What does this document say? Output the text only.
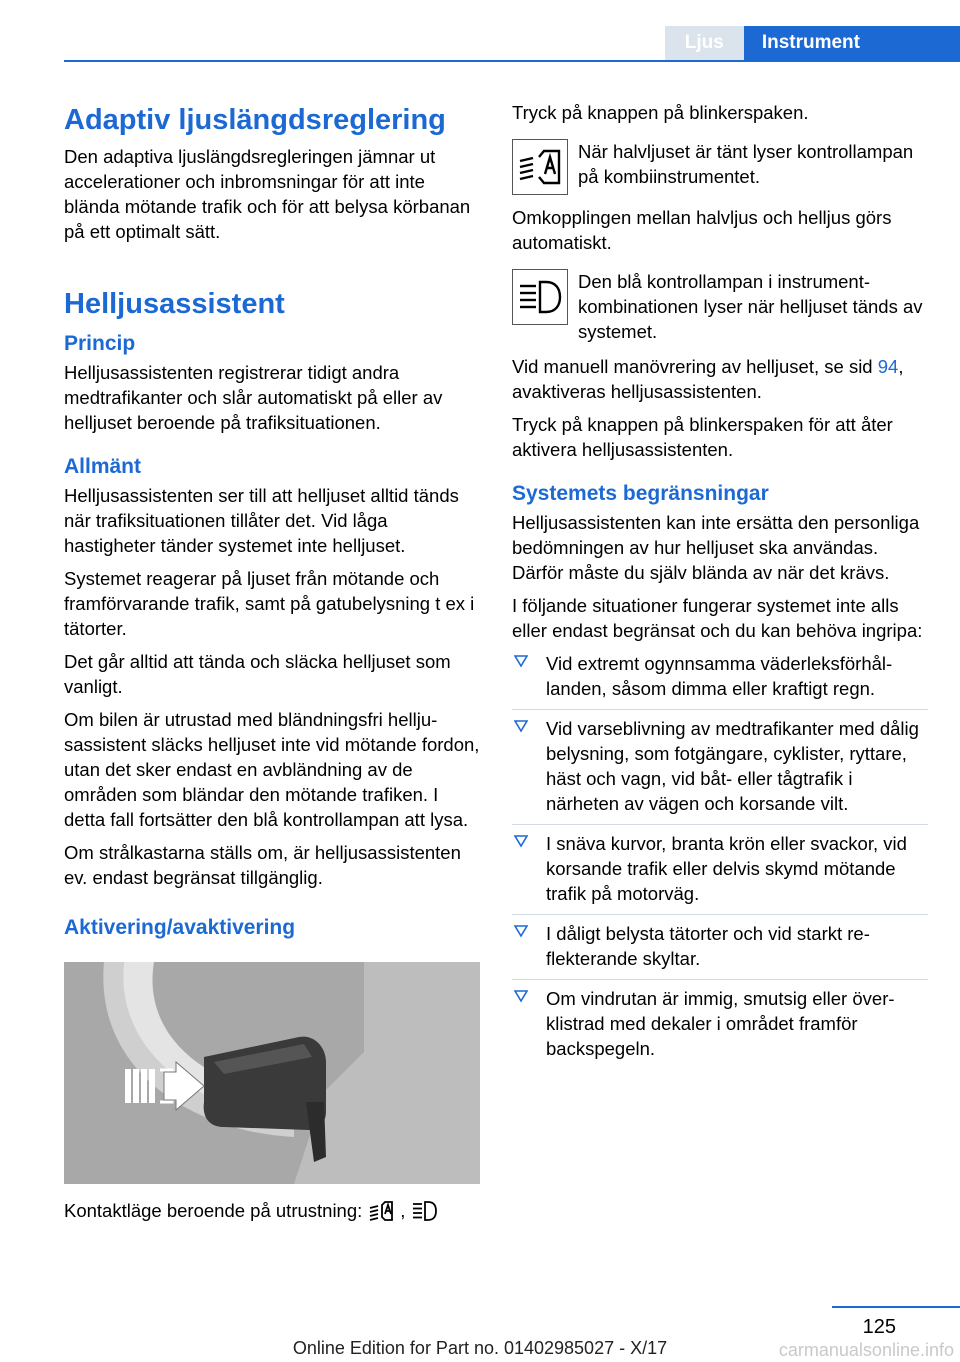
Ljus	Instrument
Adaptiv ljuslängdsreglering

Den adaptiva ljuslängdsregleringen jämnar ut accelerationer och inbromsningar för att inte blända mötande trafik och för att belysa körbanan på ett optimalt sätt.

Helljusassistent
Princip

Helljusassistenten registrerar tidigt andra medtrafikanter och slår automatiskt på eller av helljuset beroende på trafiksituationen.

Allmänt

Helljusassistenten ser till att helljuset alltid tänds när trafiksituationen tillåter det. Vid låga hastigheter tänder systemet inte helljuset.

Systemet reagerar på ljuset från mötande och framförvarande trafik, samt på gatubelysning t ex i tätorter.

Det går alltid att tända och släcka helljuset som vanligt.

Om bilen är utrustad med bländningsfri helljusassistent släcks helljuset inte vid mötande fordon, utan det sker endast en avbländning av de områden som bländar den mötande trafiken. I detta fall fortsätter den blå kontrollampan att lysa.

Om strålkastarna ställs om, är helljusassistenten ev. endast begränsat tillgänglig.

Aktivering/avaktivering
Kontaktläge beroende på utrustning: ,

Tryck på knappen på blinkerspaken.

När halvljuset är tänt lyser kontrollampan på kombiinstrumentet.

Omkopplingen mellan halvljus och helljus görs automatiskt.

Den blå kontrollampan i instrumentkombinationen lyser när helljuset tänds av systemet.

Vid manuell manövrering av helljuset, se sid 94, avaktiveras helljusassistenten.

Tryck på knappen på blinkerspaken för att åter aktivera helljusassistenten.

Systemets begränsningar

Helljusassistenten kan inte ersätta den personliga bedömningen av hur helljuset ska användas. Därför måste du själv blända av när det krävs.

I följande situationer fungerar systemet inte alls eller endast begränsat och du kan behöva ingripa:

Vid extremt ogynnsamma väderleksförhållanden, såsom dimma eller kraftigt regn.
Vid varseblivning av medtrafikanter med dålig belysning, som fotgängare, cyklister, ryttare, häst och vagn, vid båt- eller tågtrafik i närheten av vägen och korsande vilt.
I snäva kurvor, branta krön eller svackor, vid korsande trafik eller delvis skymd mötande trafik på motorväg.
I dåligt belysta tätorter och vid starkt reflekterande skyltar.
Om vindrutan är immig, smutsig eller överklistrad med dekaler i området framför backspegeln.
125
Online Edition for Part no. 01402985027 - X/17	carmanualsonline.info
